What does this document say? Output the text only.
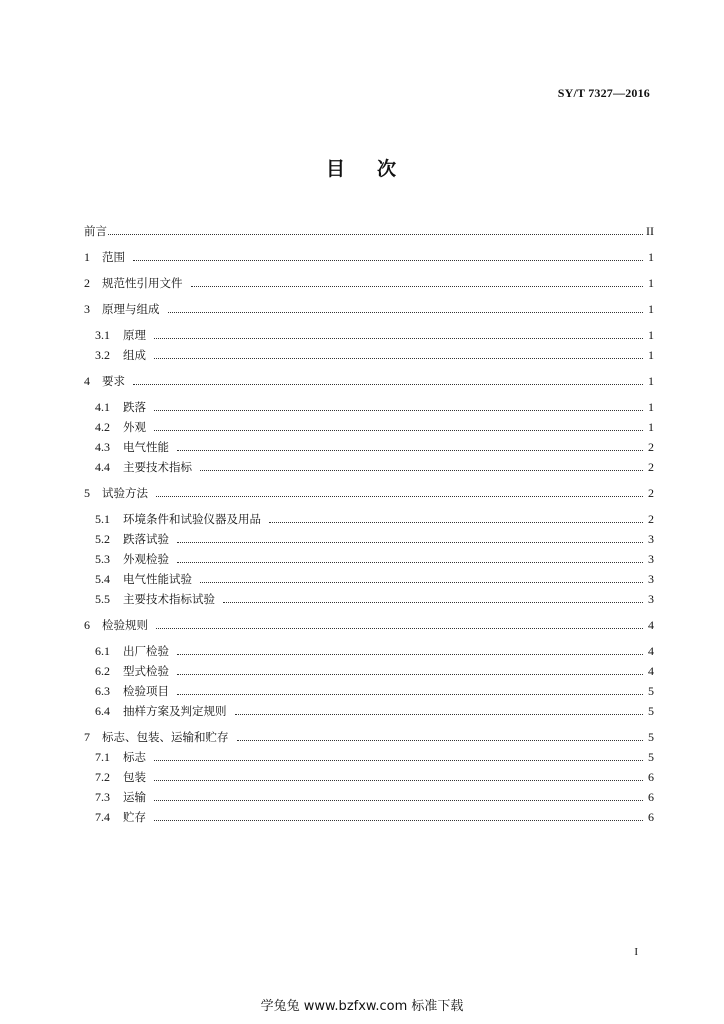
SY/T 7327—2016
目 次
前言	II
1	范围	1
2	规范性引用文件	1
3	原理与组成	1
3.1	原理	1
3.2	组成	1
4	要求	1
4.1	跌落	1
4.2	外观	1
4.3	电气性能	2
4.4	主要技术指标	2
5	试验方法	2
5.1	环境条件和试验仪器及用品	2
5.2	跌落试验	3
5.3	外观检验	3
5.4	电气性能试验	3
5.5	主要技术指标试验	3
6	检验规则	4
6.1	出厂检验	4
6.2	型式检验	4
6.3	检验项目	5
6.4	抽样方案及判定规则	5
7	标志、包装、运输和贮存	5
7.1	标志	5
7.2	包装	6
7.3	运输	6
7.4	贮存	6
I
学兔兔 www.bzfxw.com 标准下载
